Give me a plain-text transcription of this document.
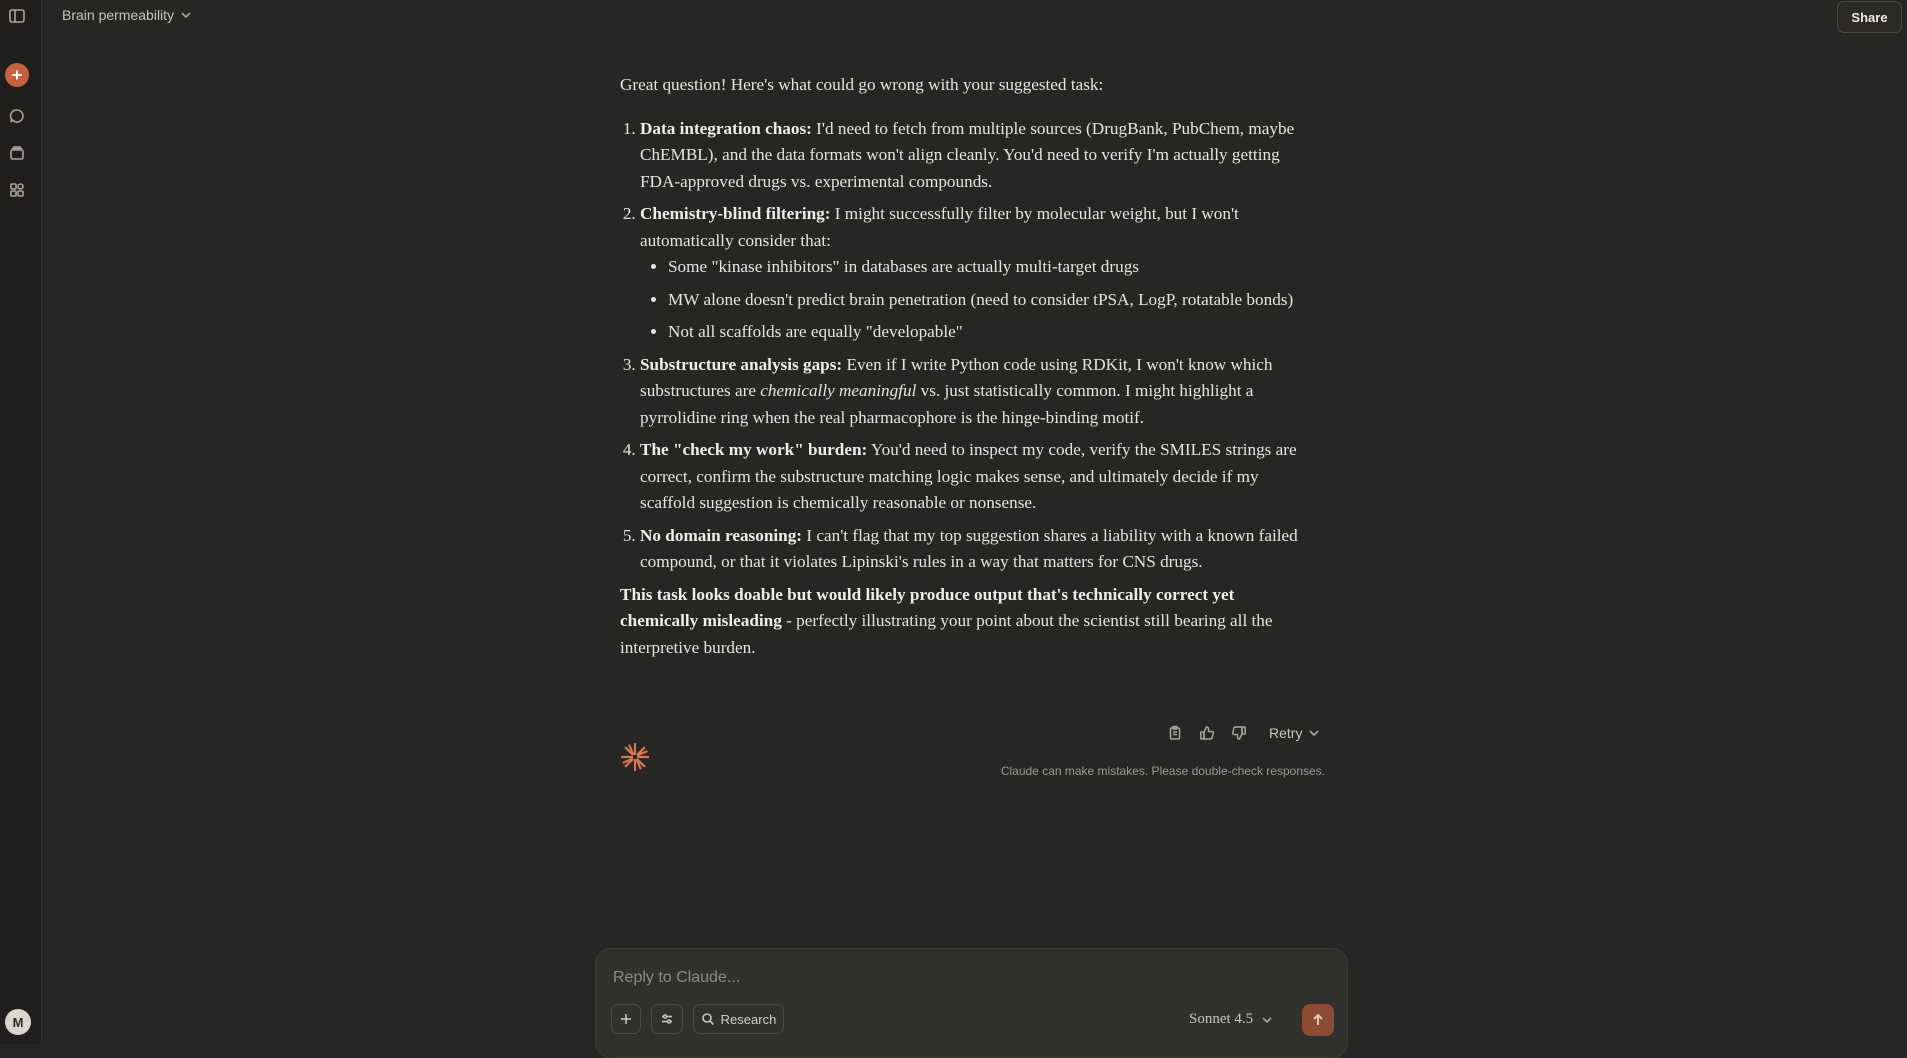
M
Brain permeability	Share

Great question! Here's what could go wrong with your suggested task:

1. Data integration chaos: I'd need to fetch from multiple sources (DrugBank, PubChem, maybe ChEMBL), and the data formats won't align cleanly. You'd need to verify I'm actually getting FDA-approved drugs vs. experimental compounds.
2. Chemistry-blind filtering: I might successfully filter by molecular weight, but I won't automatically consider that:
• Some "kinase inhibitors" in databases are actually multi-target drugs
• MW alone doesn't predict brain penetration (need to consider tPSA, LogP, rotatable bonds)
• Not all scaffolds are equally "developable"
3. Substructure analysis gaps: Even if I write Python code using RDKit, I won't know which substructures are chemically meaningful vs. just statistically common. I might highlight a pyrrolidine ring when the real pharmacophore is the hinge-binding motif.
4. The "check my work" burden: You'd need to inspect my code, verify the SMILES strings are correct, confirm the substructure matching logic makes sense, and ultimately decide if my scaffold suggestion is chemically reasonable or nonsense.
5. No domain reasoning: I can't flag that my top suggestion shares a liability with a known failed compound, or that it violates Lipinski's rules in a way that matters for CNS drugs.

This task looks doable but would likely produce output that's technically correct yet chemically misleading - perfectly illustrating your point about the scientist still bearing all the interpretive burden.

Retry
Claude can make mistakes. Please double-check responses.
Reply to Claude...
Research	Sonnet 4.5
